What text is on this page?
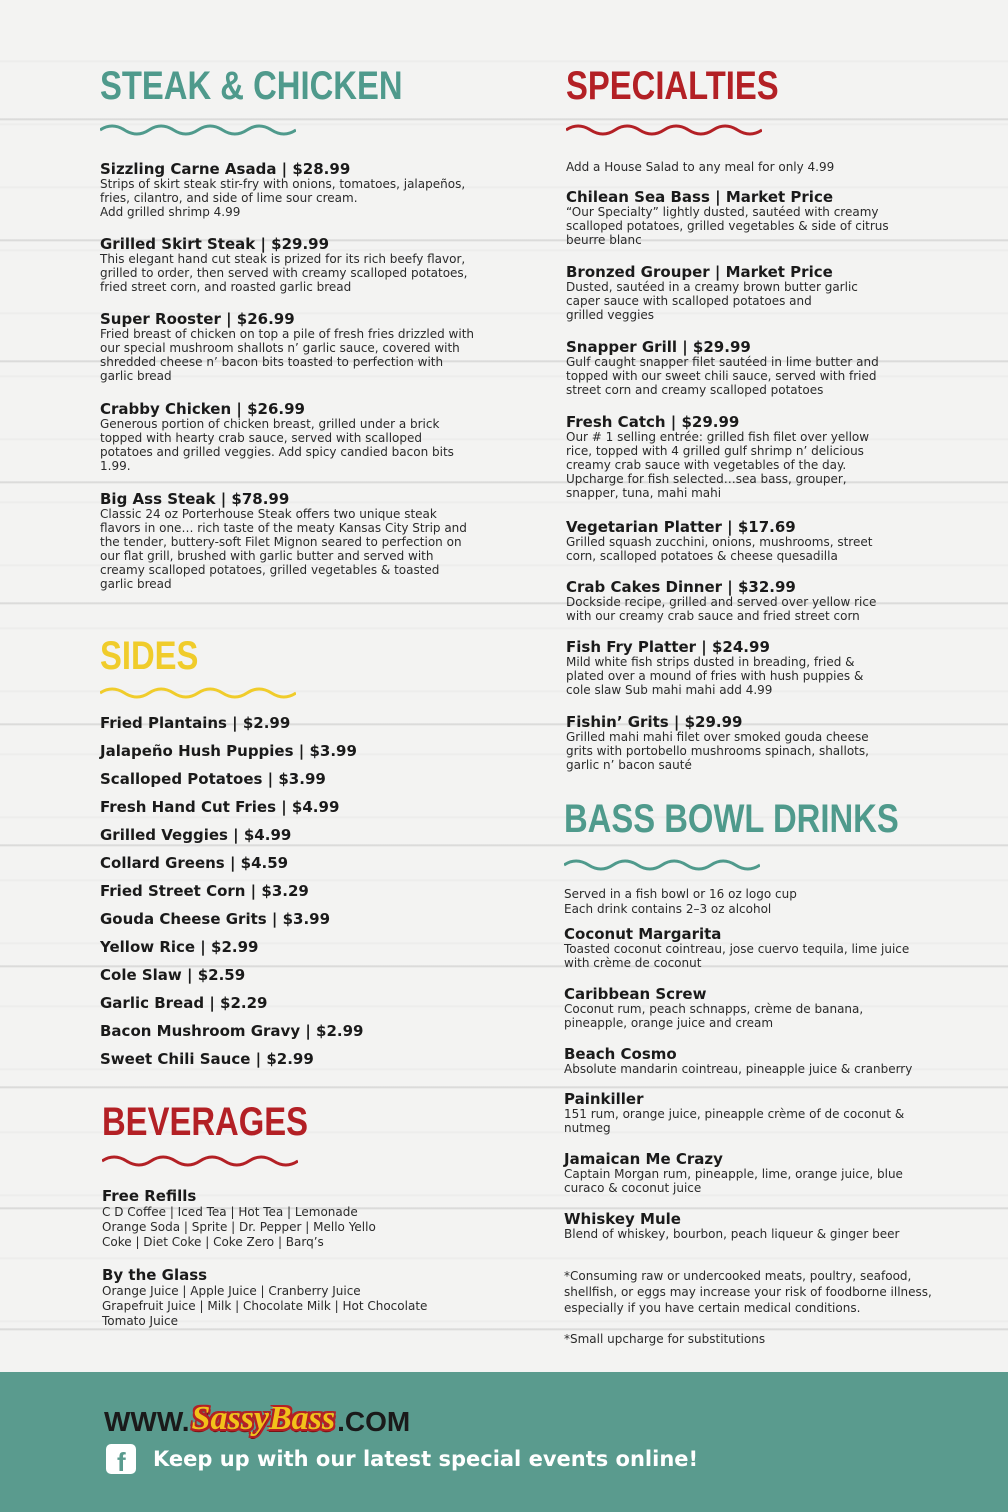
STEAK & CHICKEN
Sizzling Carne Asada | $28.99
Strips of skirt steak stir-fry with onions, tomatoes, jalapeños,
fries, cilantro, and side of lime sour cream.
Add grilled shrimp 4.99
Grilled Skirt Steak | $29.99
This elegant hand cut steak is prized for its rich beefy flavor,
grilled to order, then served with creamy scalloped potatoes,
fried street corn, and roasted garlic bread
Super Rooster | $26.99
Fried breast of chicken on top a pile of fresh fries drizzled with
our special mushroom shallots n’ garlic sauce, covered with
shredded cheese n’ bacon bits toasted to perfection with
garlic bread
Crabby Chicken | $26.99
Generous portion of chicken breast, grilled under a brick
topped with hearty crab sauce, served with scalloped
potatoes and grilled veggies. Add spicy candied bacon bits
1.99.
Big Ass Steak | $78.99
Classic 24 oz Porterhouse Steak offers two unique steak
flavors in one… rich taste of the meaty Kansas City Strip and
the tender, buttery-soft Filet Mignon seared to perfection on
our flat grill, brushed with garlic butter and served with
creamy scalloped potatoes, grilled vegetables & toasted
garlic bread
SIDES
Fried Plantains | $2.99
Jalapeño Hush Puppies | $3.99
Scalloped Potatoes | $3.99
Fresh Hand Cut Fries | $4.99
Grilled Veggies | $4.99
Collard Greens | $4.59
Fried Street Corn | $3.29
Gouda Cheese Grits | $3.99
Yellow Rice | $2.99
Cole Slaw | $2.59
Garlic Bread | $2.29
Bacon Mushroom Gravy | $2.99
Sweet Chili Sauce | $2.99
BEVERAGES
Free Refills
C D Coffee | Iced Tea | Hot Tea | Lemonade
Orange Soda | Sprite | Dr. Pepper | Mello Yello
Coke | Diet Coke | Coke Zero | Barq’s
By the Glass
Orange Juice | Apple Juice | Cranberry Juice
Grapefruit Juice | Milk | Chocolate Milk | Hot Chocolate
Tomato Juice
SPECIALTIES
Add a House Salad to any meal for only 4.99
Chilean Sea Bass | Market Price
“Our Specialty” lightly dusted, sautéed with creamy
scalloped potatoes, grilled vegetables & side of citrus
beurre blanc
Bronzed Grouper | Market Price
Dusted, sautéed in a creamy brown butter garlic
caper sauce with scalloped potatoes and
grilled veggies
Snapper Grill | $29.99
Gulf caught snapper filet sautéed in lime butter and
topped with our sweet chili sauce, served with fried
street corn and creamy scalloped potatoes
Fresh Catch | $29.99
Our # 1 selling entrée: grilled fish filet over yellow
rice, topped with 4 grilled gulf shrimp n’ delicious
creamy crab sauce with vegetables of the day.
Upcharge for fish selected…sea bass, grouper,
snapper, tuna, mahi mahi
Vegetarian Platter | $17.69
Grilled squash zucchini, onions, mushrooms, street
corn, scalloped potatoes & cheese quesadilla
Crab Cakes Dinner | $32.99
Dockside recipe, grilled and served over yellow rice
with our creamy crab sauce and fried street corn
Fish Fry Platter | $24.99
Mild white fish strips dusted in breading, fried &
plated over a mound of fries with hush puppies &
cole slaw Sub mahi mahi add 4.99
Fishin’ Grits | $29.99
Grilled mahi mahi filet over smoked gouda cheese
grits with portobello mushrooms spinach, shallots,
garlic n’ bacon sauté
BASS BOWL DRINKS
Served in a fish bowl or 16 oz logo cup
Each drink contains 2–3 oz alcohol
Coconut Margarita
Toasted coconut cointreau, jose cuervo tequila, lime juice
with crème de coconut
Caribbean Screw
Coconut rum, peach schnapps, crème de banana,
pineapple, orange juice and cream
Beach Cosmo
Absolute mandarin cointreau, pineapple juice & cranberry
Painkiller
151 rum, orange juice, pineapple crème of de coconut &
nutmeg
Jamaican Me Crazy
Captain Morgan rum, pineapple, lime, orange juice, blue
curaco & coconut juice
Whiskey Mule
Blend of whiskey, bourbon, peach liqueur & ginger beer
*Consuming raw or undercooked meats, poultry, seafood,
shellfish, or eggs may increase your risk of foodborne illness,
especially if you have certain medical conditions.
*Small upcharge for substitutions
WWW. SassyBass .COM
f Keep up with our latest special events online!
